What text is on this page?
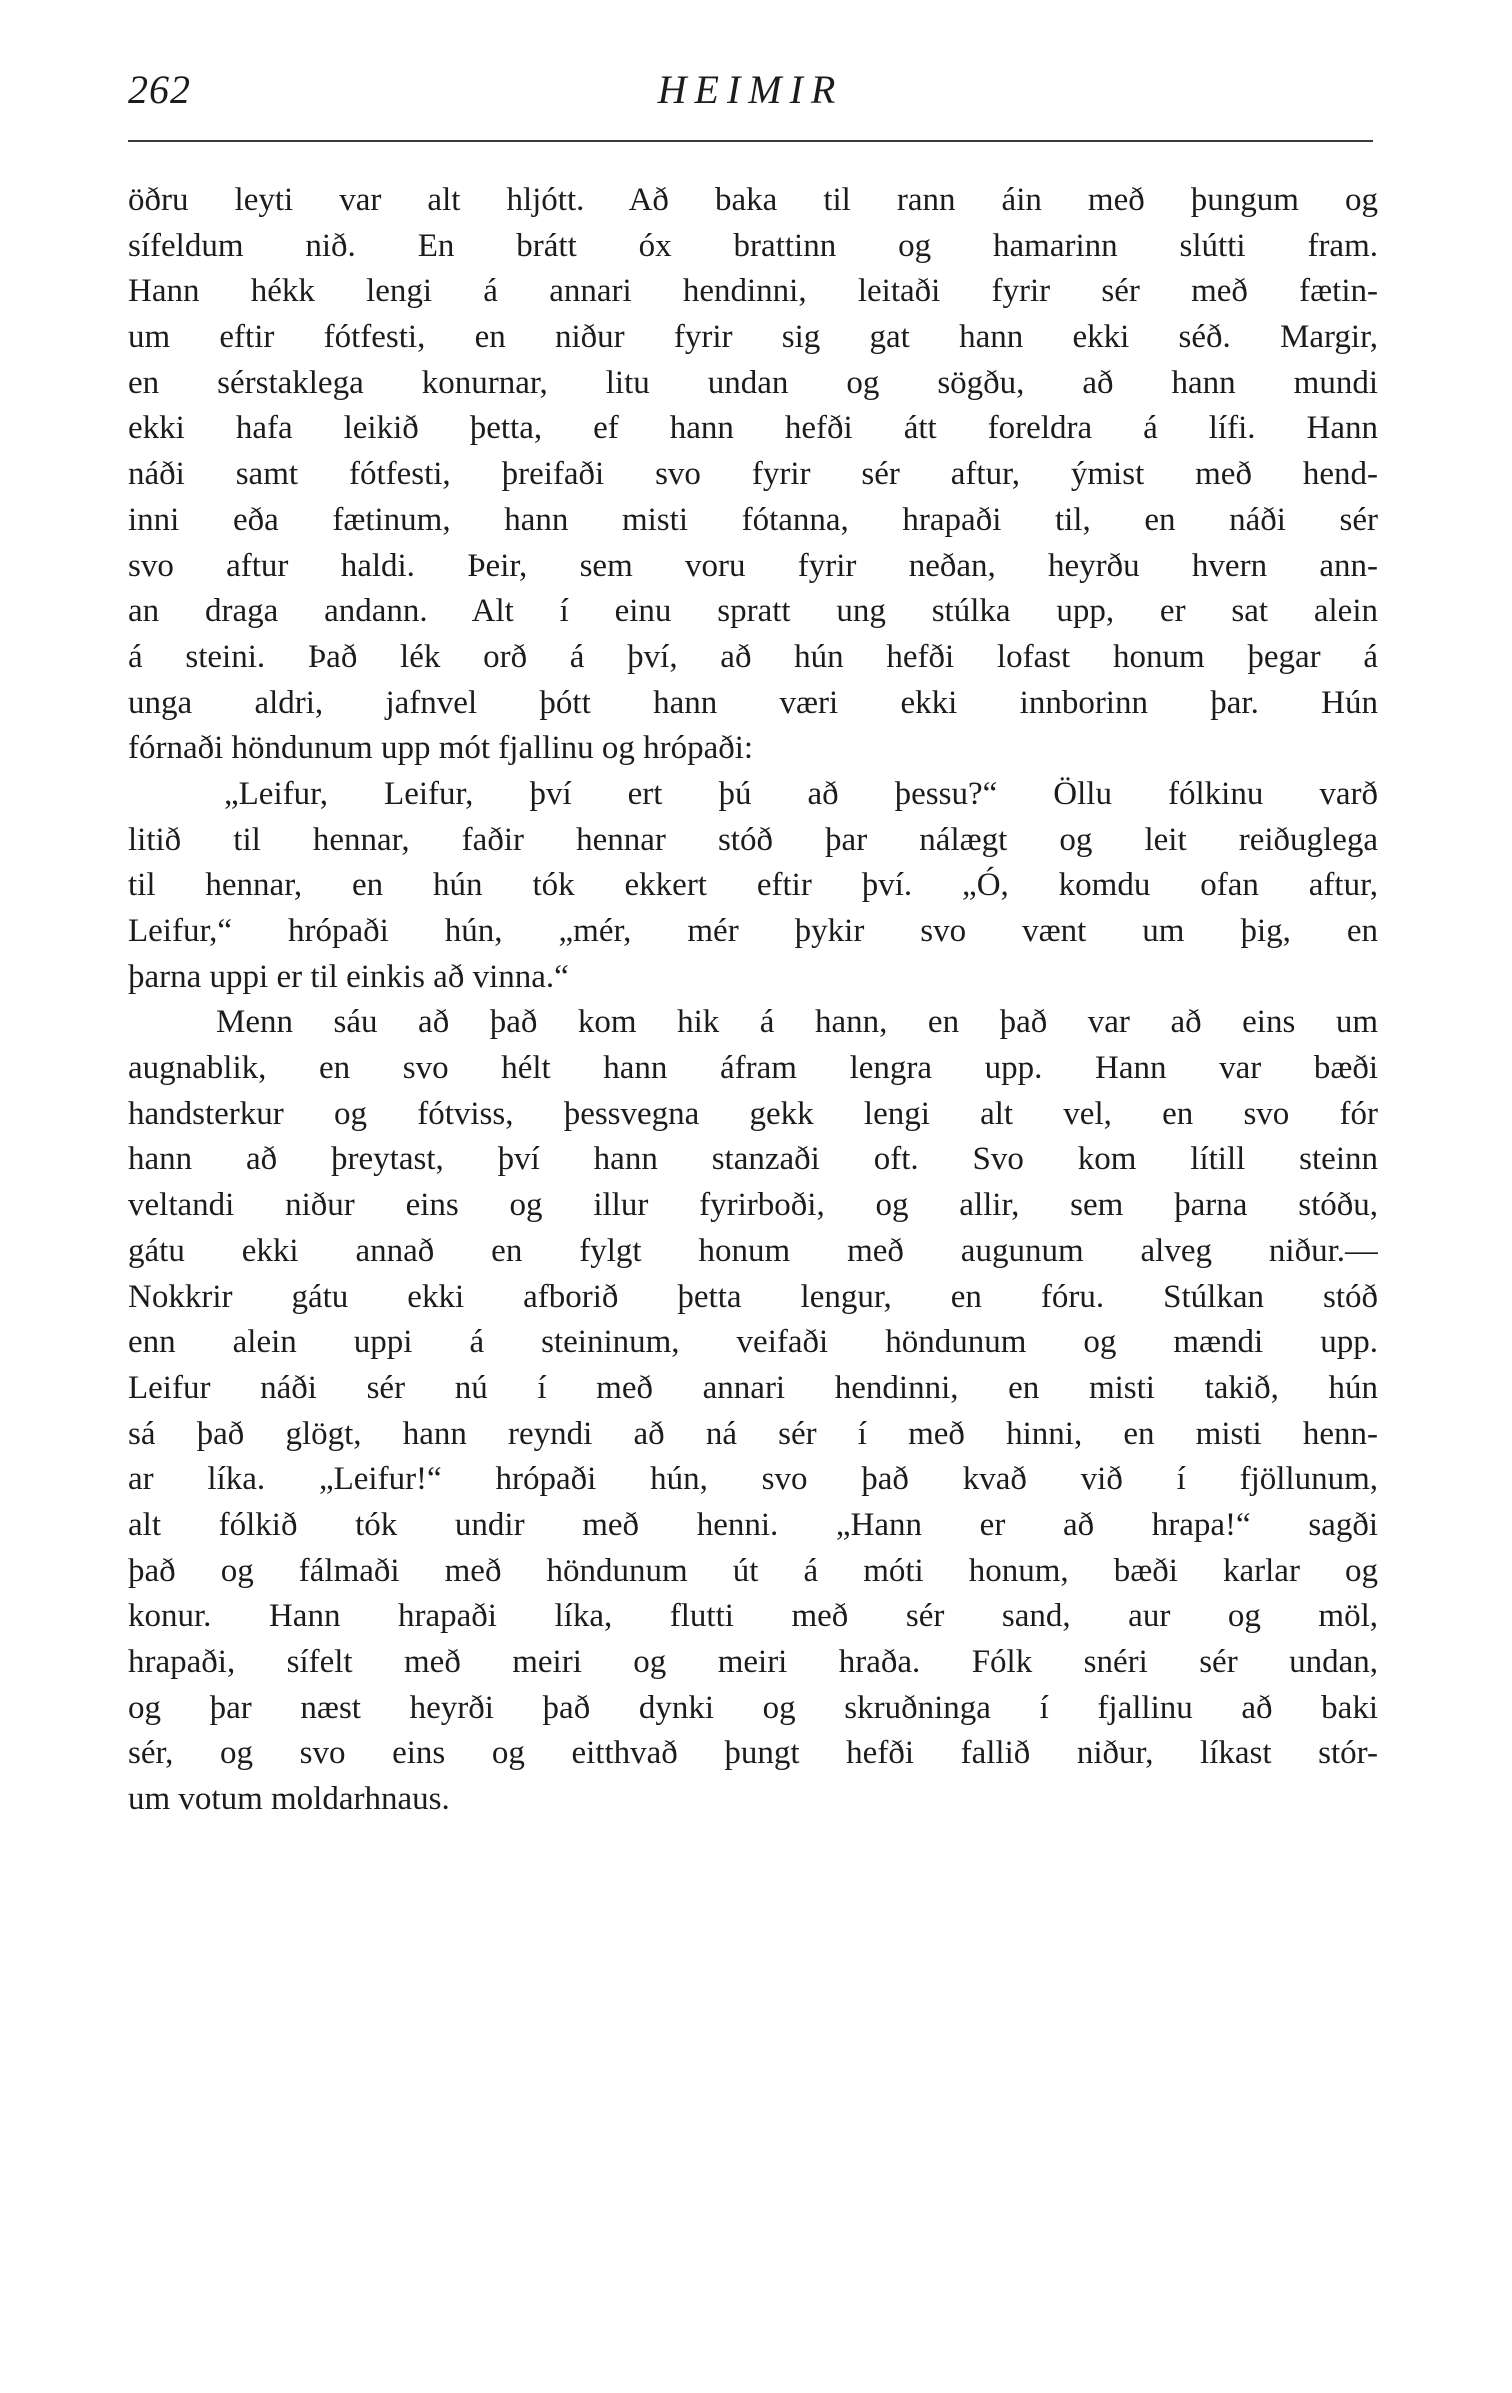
HEIMIR
262
öðru leyti var alt hljótt. Að baka til rann áin með þungum og
sífeldum nið. En brátt óx brattinn og hamarinn slútti fram.
Hann hékk lengi á annari hendinni, leitaði fyrir sér með fætin-
um eftir fótfesti, en niður fyrir sig gat hann ekki séð. Margir,
en sérstaklega konurnar, litu undan og sögðu, að hann mundi
ekki hafa leikið þetta, ef hann hefði átt foreldra á lífi. Hann
náði samt fótfesti, þreifaði svo fyrir sér aftur, ýmist með hend-
inni eða fætinum, hann misti fótanna, hrapaði til, en náði sér
svo aftur haldi. Þeir, sem voru fyrir neðan, heyrðu hvern ann-
an draga andann. Alt í einu spratt ung stúlka upp, er sat alein
á steini. Það lék orð á því, að hún hefði lofast honum þegar á
unga aldri, jafnvel þótt hann væri ekki innborinn þar. Hún
fórnaði höndunum upp mót fjallinu og hrópaði:
„Leifur, Leifur, því ert þú að þessu?“ Öllu fólkinu varð
litið til hennar, faðir hennar stóð þar nálægt og leit reiðuglega
til hennar, en hún tók ekkert eftir því. „Ó, komdu ofan aftur,
Leifur,“ hrópaði hún, „mér, mér þykir svo vænt um þig, en
þarna uppi er til einkis að vinna.“
Menn sáu að það kom hik á hann, en það var að eins um
augnablik, en svo hélt hann áfram lengra upp. Hann var bæði
handsterkur og fótviss, þessvegna gekk lengi alt vel, en svo fór
hann að þreytast, því hann stanzaði oft. Svo kom lítill steinn
veltandi niður eins og illur fyrirboði, og allir, sem þarna stóðu,
gátu ekki annað en fylgt honum með augunum alveg niður.—
Nokkrir gátu ekki afborið þetta lengur, en fóru. Stúlkan stóð
enn alein uppi á steininum, veifaði höndunum og mændi upp.
Leifur náði sér nú í með annari hendinni, en misti takið, hún
sá það glögt, hann reyndi að ná sér í með hinni, en misti henn-
ar líka. „Leifur!“ hrópaði hún, svo það kvað við í fjöllunum,
alt fólkið tók undir með henni. „Hann er að hrapa!“ sagði
það og fálmaði með höndunum út á móti honum, bæði karlar og
konur. Hann hrapaði líka, flutti með sér sand, aur og möl,
hrapaði, sífelt með meiri og meiri hraða. Fólk snéri sér undan,
og þar næst heyrði það dynki og skruðninga í fjallinu að baki
sér, og svo eins og eitthvað þungt hefði fallið niður, líkast stór-
um votum moldarhnaus.
